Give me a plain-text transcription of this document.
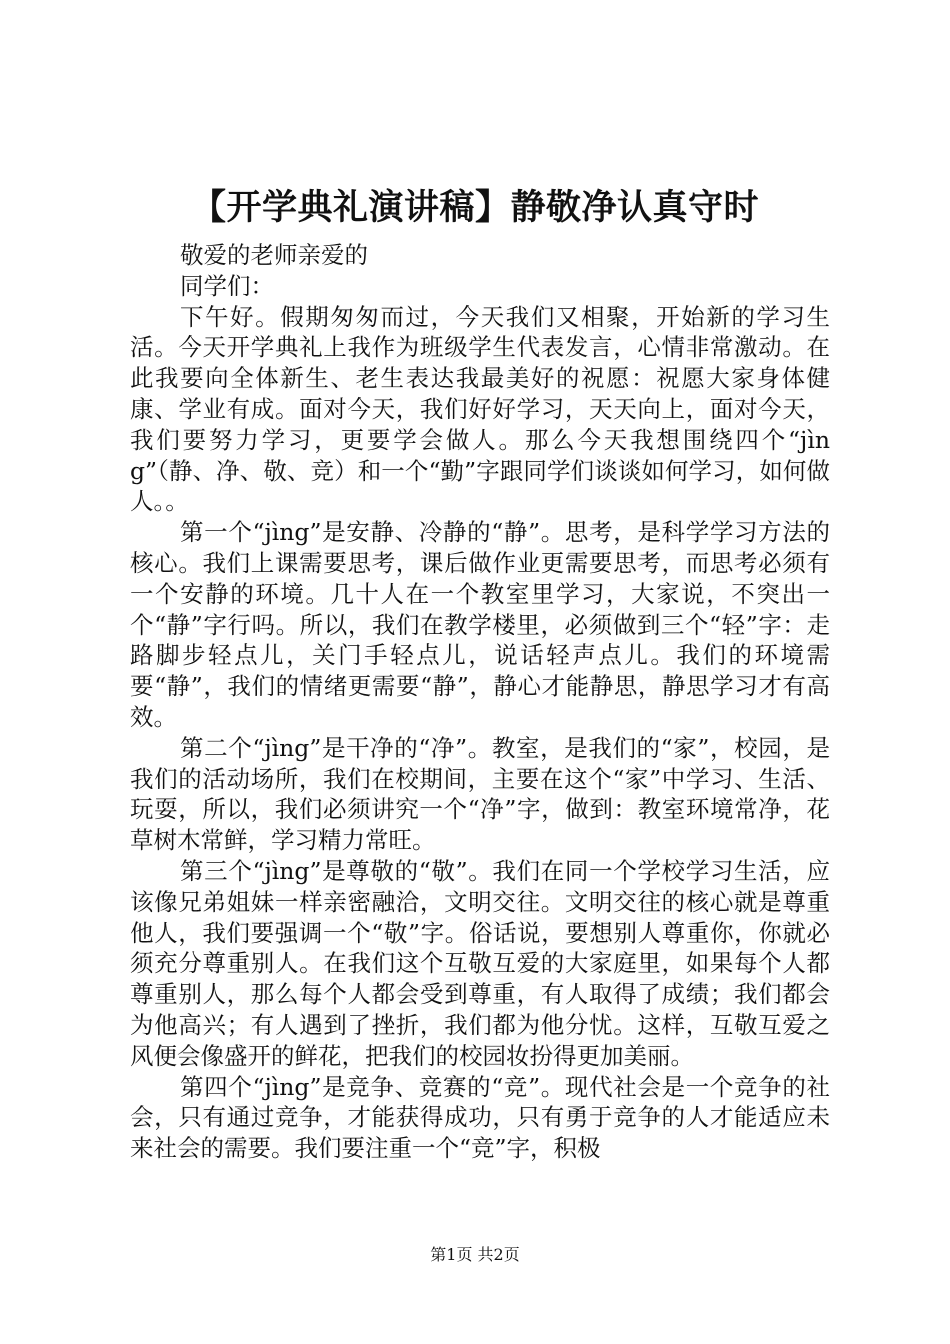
【开学典礼演讲稿】静敬净认真守时

敬爱的老师亲爱的

同学们：

下午好。假期匆匆而过，今天我们又相聚，开始新的学习生活。今天开学典礼上我作为班级学生代表发言，心情非常激动。在此我要向全体新生、老生表达我最美好的祝愿：祝愿大家身体健康、学业有成。面对今天，我们好好学习，天天向上，面对今天，我们要努力学习，更要学会做人。那么今天我想围绕四个“jìng”（静、净、敬、竞）和一个“勤”字跟同学们谈谈如何学习，如何做人。。

第一个“jìng”是安静、冷静的“静”。思考，是科学学习方法的核心。我们上课需要思考，课后做作业更需要思考，而思考必须有一个安静的环境。几十人在一个教室里学习，大家说，不突出一个“静”字行吗。所以，我们在教学楼里，必须做到三个“轻”字：走路脚步轻点儿，关门手轻点儿，说话轻声点儿。我们的环境需要“静”，我们的情绪更需要“静”，静心才能静思，静思学习才有高效。

第二个“jìng”是干净的“净”。教室，是我们的“家”，校园，是我们的活动场所，我们在校期间，主要在这个“家”中学习、生活、玩耍，所以，我们必须讲究一个“净”字，做到：教室环境常净，花草树木常鲜，学习精力常旺。

第三个“jìng”是尊敬的“敬”。我们在同一个学校学习生活，应该像兄弟姐妹一样亲密融洽，文明交往。文明交往的核心就是尊重他人，我们要强调一个“敬”字。俗话说，要想别人尊重你，你就必须充分尊重别人。在我们这个互敬互爱的大家庭里，如果每个人都尊重别人，那么每个人都会受到尊重，有人取得了成绩；我们都会为他高兴；有人遇到了挫折，我们都为他分忧。这样，互敬互爱之风便会像盛开的鲜花，把我们的校园妆扮得更加美丽。

第四个“jìng”是竞争、竞赛的“竞”。现代社会是一个竞争的社会，只有通过竞争，才能获得成功，只有勇于竞争的人才能适应未来社会的需要。我们要注重一个“竞”字，积极

第1页 共2页
